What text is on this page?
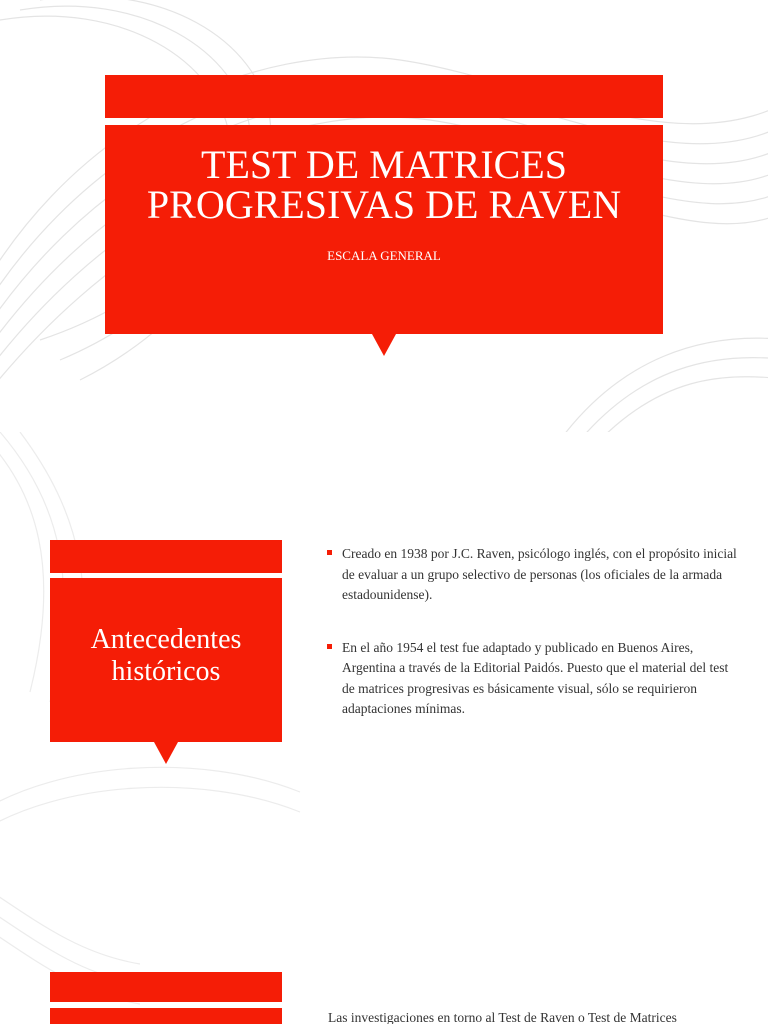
TEST DE MATRICES PROGRESIVAS DE RAVEN
ESCALA GENERAL
Antecedentes históricos
Creado en 1938 por J.C. Raven, psicólogo inglés, con el propósito inicial de evaluar a un grupo selectivo de personas (los oficiales de la armada estadounidense).
En el año 1954 el test fue adaptado y publicado en Buenos Aires, Argentina a través de la Editorial Paidós. Puesto que el material del test de matrices progresivas es básicamente visual, sólo se requirieron adaptaciones mínimas.
Las investigaciones en torno al Test de Raven o Test de Matrices
